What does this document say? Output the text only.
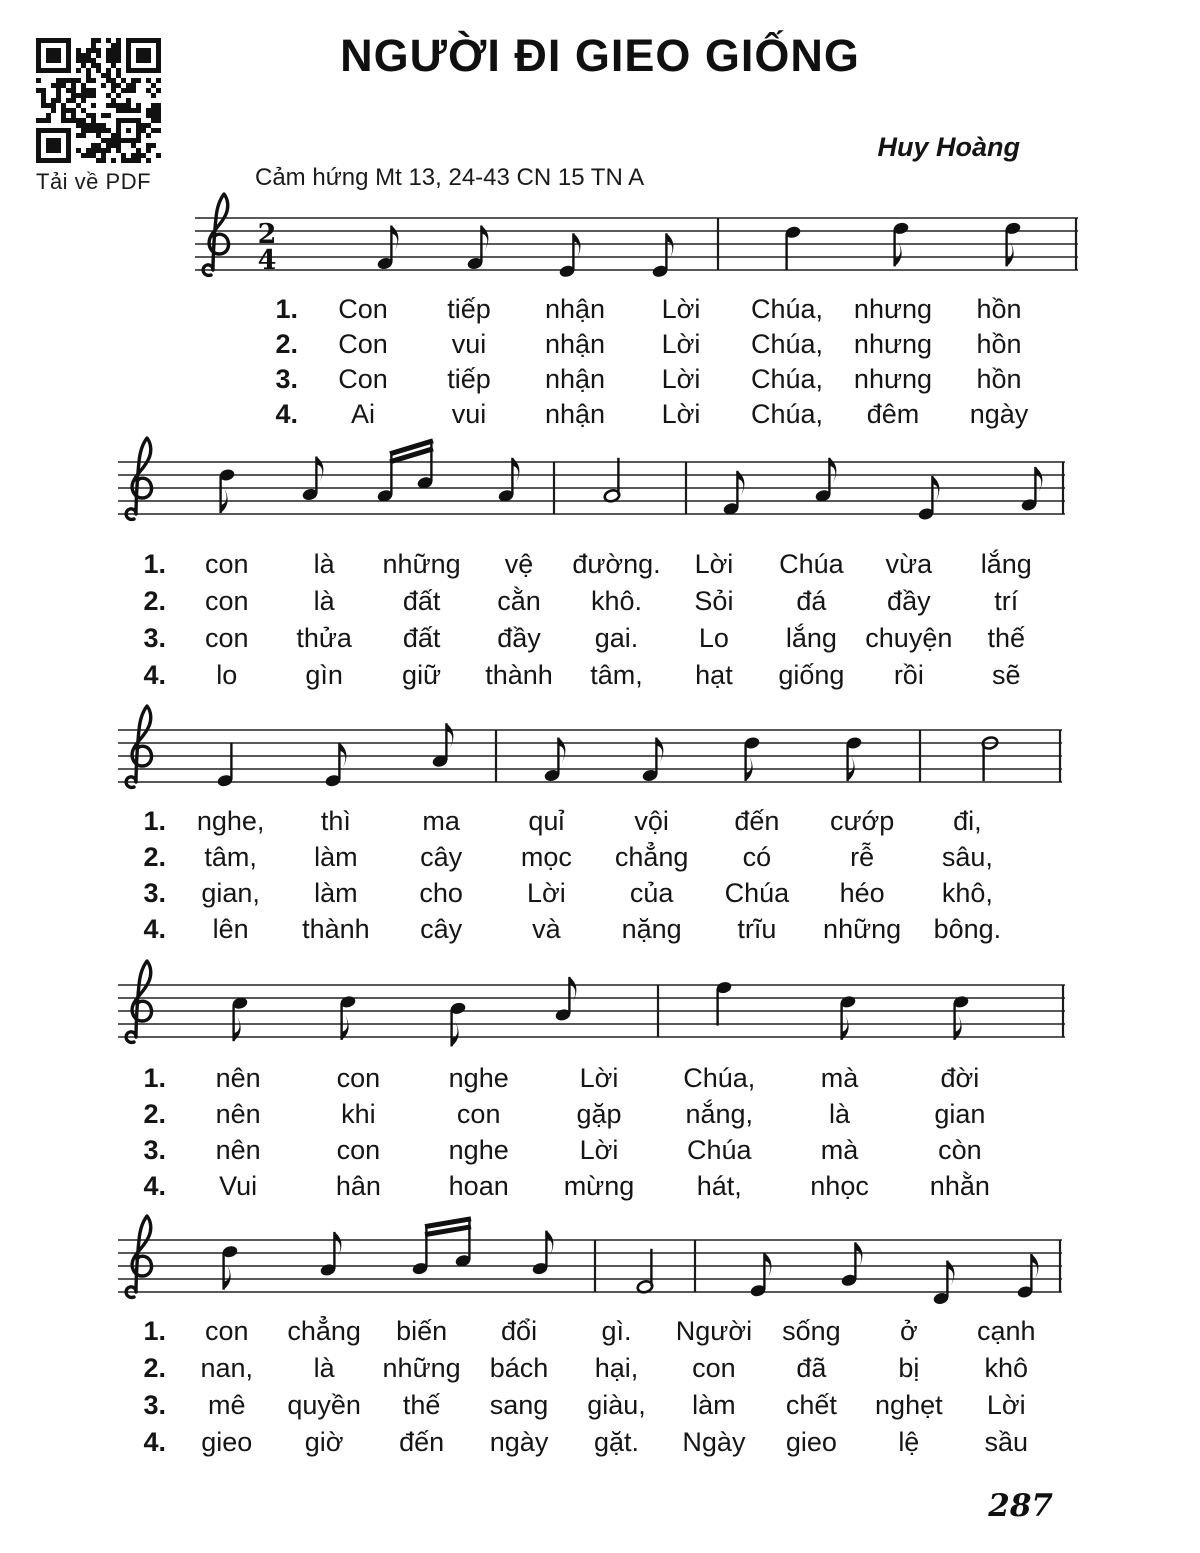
Tải về PDF
NGƯỜI ĐI GIEO GIỐNG
Huy Hoàng
Cảm hứng Mt 13, 24-43 CN 15 TN A
287
2
4
1.	Con	tiếp	nhận	Lời	Chúa,	nhưng	hồn
2.	Con	vui	nhận	Lời	Chúa,	nhưng	hồn
3.	Con	tiếp	nhận	Lời	Chúa,	nhưng	hồn
4.	Ai	vui	nhận	Lời	Chúa,	đêm	ngày
1.	con	là	những	vệ	đường.	Lời	Chúa	vừa	lắng
2.	con	là	đất	cằn	khô.	Sỏi	đá	đầy	trí
3.	con	thửa	đất	đầy	gai.	Lo	lắng	chuyện	thế
4.	lo	gìn	giữ	thành	tâm,	hạt	giống	rồi	sẽ
1.	nghe,	thì	ma	quỉ	vội	đến	cướp	đi,
2.	tâm,	làm	cây	mọc	chẳng	có	rễ	sâu,
3.	gian,	làm	cho	Lời	của	Chúa	héo	khô,
4.	lên	thành	cây	và	nặng	trĩu	những	bông.
1.	nên	con	nghe	Lời	Chúa,	mà	đời
2.	nên	khi	con	gặp	nắng,	là	gian
3.	nên	con	nghe	Lời	Chúa	mà	còn
4.	Vui	hân	hoan	mừng	hát,	nhọc	nhằn
1.	con	chẳng	biến	đổi	gì.	Người	sống	ở	cạnh
2.	nan,	là	những	bách	hại,	con	đã	bị	khô
3.	mê	quyền	thế	sang	giàu,	làm	chết	nghẹt	Lời
4.	gieo	giờ	đến	ngày	gặt.	Ngày	gieo	lệ	sầu
